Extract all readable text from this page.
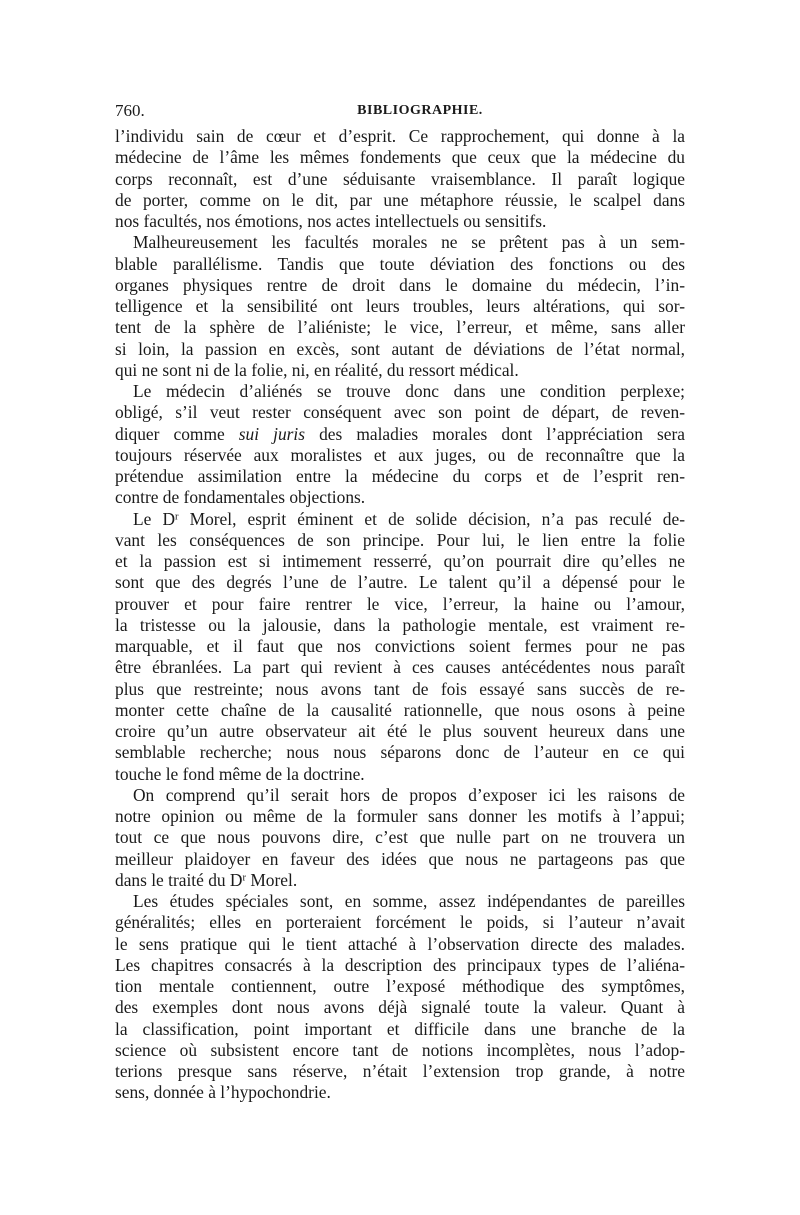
760.	BIBLIOGRAPHIE.
l’individu sain de cœur et d’esprit. Ce rapprochement, qui donne à la
médecine de l’âme les mêmes fondements que ceux que la médecine du
corps reconnaît, est d’une séduisante vraisemblance. Il paraît logique
de porter, comme on le dit, par une métaphore réussie, le scalpel dans
nos facultés, nos émotions, nos actes intellectuels ou sensitifs.
Malheureusement les facultés morales ne se prêtent pas à un sem-
blable parallélisme. Tandis que toute déviation des fonctions ou des
organes physiques rentre de droit dans le domaine du médecin, l’in-
telligence et la sensibilité ont leurs troubles, leurs altérations, qui sor-
tent de la sphère de l’aliéniste; le vice, l’erreur, et même, sans aller
si loin, la passion en excès, sont autant de déviations de l’état normal,
qui ne sont ni de la folie, ni, en réalité, du ressort médical.
Le médecin d’aliénés se trouve donc dans une condition perplexe;
obligé, s’il veut rester conséquent avec son point de départ, de reven-
diquer comme sui juris des maladies morales dont l’appréciation sera
toujours réservée aux moralistes et aux juges, ou de reconnaître que la
prétendue assimilation entre la médecine du corps et de l’esprit ren-
contre de fondamentales objections.
Le $D^r$ Morel, esprit éminent et de solide décision, n’a pas reculé de-
vant les conséquences de son principe. Pour lui, le lien entre la folie
et la passion est si intimement resserré, qu’on pourrait dire qu’elles ne
sont que des degrés l’une de l’autre. Le talent qu’il a dépensé pour le
prouver et pour faire rentrer le vice, l’erreur, la haine ou l’amour,
la tristesse ou la jalousie, dans la pathologie mentale, est vraiment re-
marquable, et il faut que nos convictions soient fermes pour ne pas
être ébranlées. La part qui revient à ces causes antécédentes nous paraît
plus que restreinte; nous avons tant de fois essayé sans succès de re-
monter cette chaîne de la causalité rationnelle, que nous osons à peine
croire qu’un autre observateur ait été le plus souvent heureux dans une
semblable recherche; nous nous séparons donc de l’auteur en ce qui
touche le fond même de la doctrine.
On comprend qu’il serait hors de propos d’exposer ici les raisons de
notre opinion ou même de la formuler sans donner les motifs à l’appui;
tout ce que nous pouvons dire, c’est que nulle part on ne trouvera un
meilleur plaidoyer en faveur des idées que nous ne partageons pas que
dans le traité du $D^r$ Morel.
Les études spéciales sont, en somme, assez indépendantes de pareilles
généralités; elles en porteraient forcément le poids, si l’auteur n’avait
le sens pratique qui le tient attaché à l’observation directe des malades.
Les chapitres consacrés à la description des principaux types de l’aliéna-
tion mentale contiennent, outre l’exposé méthodique des symptômes,
des exemples dont nous avons déjà signalé toute la valeur. Quant à
la classification, point important et difficile dans une branche de la
science où subsistent encore tant de notions incomplètes, nous l’adop-
terions presque sans réserve, n’était l’extension trop grande, à notre
sens, donnée à l’hypochondrie.
